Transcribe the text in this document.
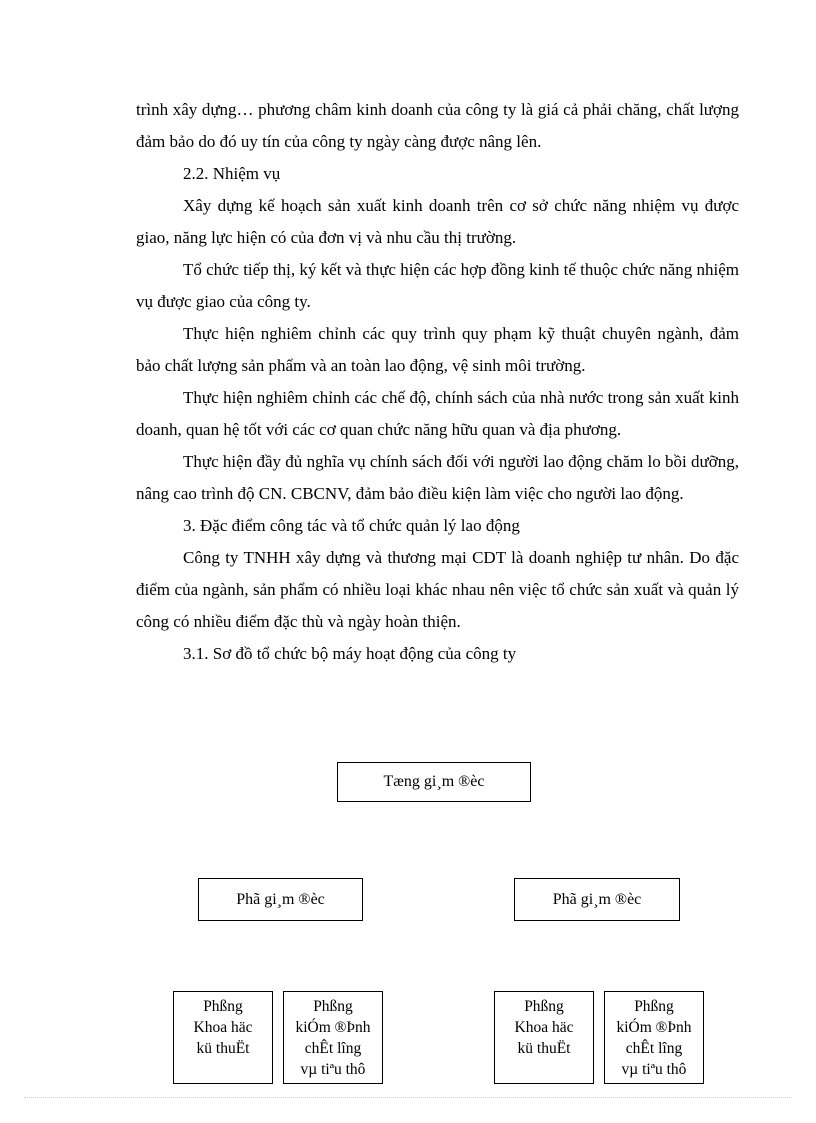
trình xây dựng… phương châm kinh doanh của công ty là giá cả phải chăng, chất lượng đảm bảo do đó uy tín của công ty ngày càng được nâng lên.

2.2. Nhiệm vụ

Xây dựng kế hoạch sản xuất kinh doanh trên cơ sở chức năng nhiệm vụ được giao, năng lực hiện có của đơn vị và nhu cầu thị trường.

Tổ chức tiếp thị, ký kết và thực hiện các hợp đồng kinh tế thuộc chức năng nhiệm vụ được giao của công ty.

Thực hiện nghiêm chỉnh các quy trình quy phạm kỹ thuật chuyên ngành, đảm bảo chất lượng sản phẩm và an toàn lao động, vệ sinh môi trường.

Thực hiện nghiêm chỉnh các chế độ, chính sách của nhà nước trong sản xuất kinh doanh, quan hệ tốt với các cơ quan chức năng hữu quan và địa phương.

Thực hiện đầy đủ nghĩa vụ chính sách đối với người lao động chăm lo bồi dưỡng, nâng cao trình độ CN. CBCNV, đảm bảo điều kiện làm việc cho người lao động.

3. Đặc điểm công tác và tổ chức quản lý lao động

Công ty TNHH xây dựng và thương mại CDT là doanh nghiệp tư nhân. Do đặc điểm của ngành, sản phẩm có nhiều loại khác nhau nên việc tổ chức sản xuất và quản lý công có nhiều điểm đặc thù và ngày hoàn thiện.

3.1. Sơ đồ tổ chức bộ máy hoạt động của công ty

Tæng gi¸m ®èc
Phã gi¸m ®èc	Phã gi¸m ®èc
Phßng
Khoa häc
kü thuËt

Phßng
kiÓm ®Þnh
chÊt lîng
vµ tiªu thô
Phßng
Khoa häc
kü thuËt

Phßng
kiÓm ®Þnh
chÊt lîng
vµ tiªu thô
